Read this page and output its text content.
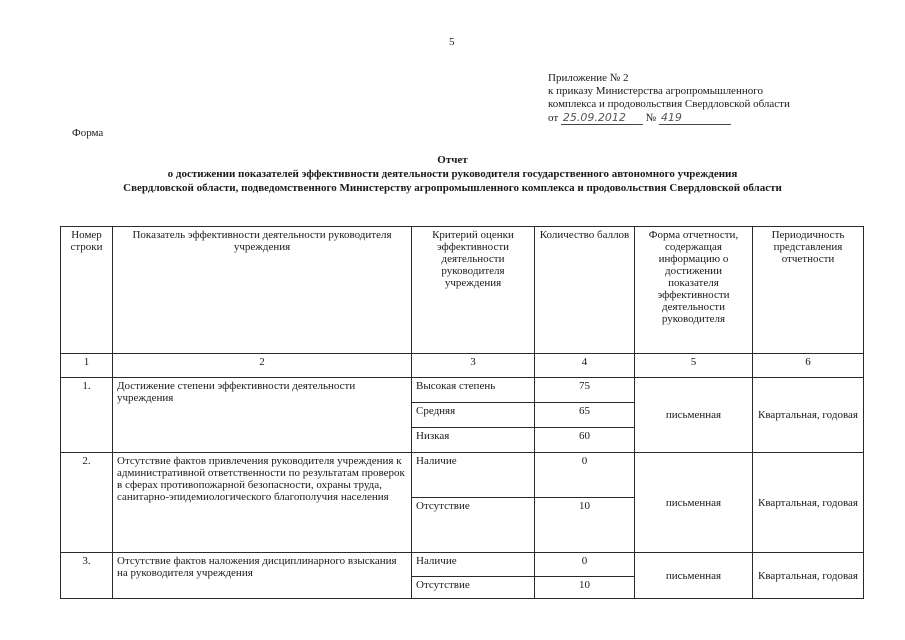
5
Приложение № 2
к приказу Министерства агропромышленного
комплекса и продовольствия Свердловской области
от 25.09.2012 № 419
Форма
Отчет
о достижении показателей эффективности деятельности руководителя государственного автономного учреждения
Свердловской области, подведомственного Министерству агропромышленного комплекса и продовольствия Свердловской области
Номер строки	Показатель эффективности деятельности руководителя учреждения	Критерий оценки эффективности деятельности руководителя учреждения	Количество баллов	Форма отчетности, содержащая информацию о достижении показателя эффективности деятельности руководителя	Периодичность представления отчетности
1	2	3	4	5	6
1.	Достижение степени эффективности деятельности учреждения	Высокая степень	75	письменная	Квартальная, годовая
		Средняя	65		
		Низкая	60		
2.	Отсутствие фактов привлечения руководителя учреждения к административной ответственности по результатам проверок в сферах противопожарной безопасности, охраны труда, санитарно-эпидемиологического благополучия населения	Наличие	0	письменная	Квартальная, годовая
		Отсутствие	10		
3.	Отсутствие фактов наложения дисциплинарного взыскания на руководителя учреждения	Наличие	0	письменная	Квартальная, годовая
		Отсутствие	10		
